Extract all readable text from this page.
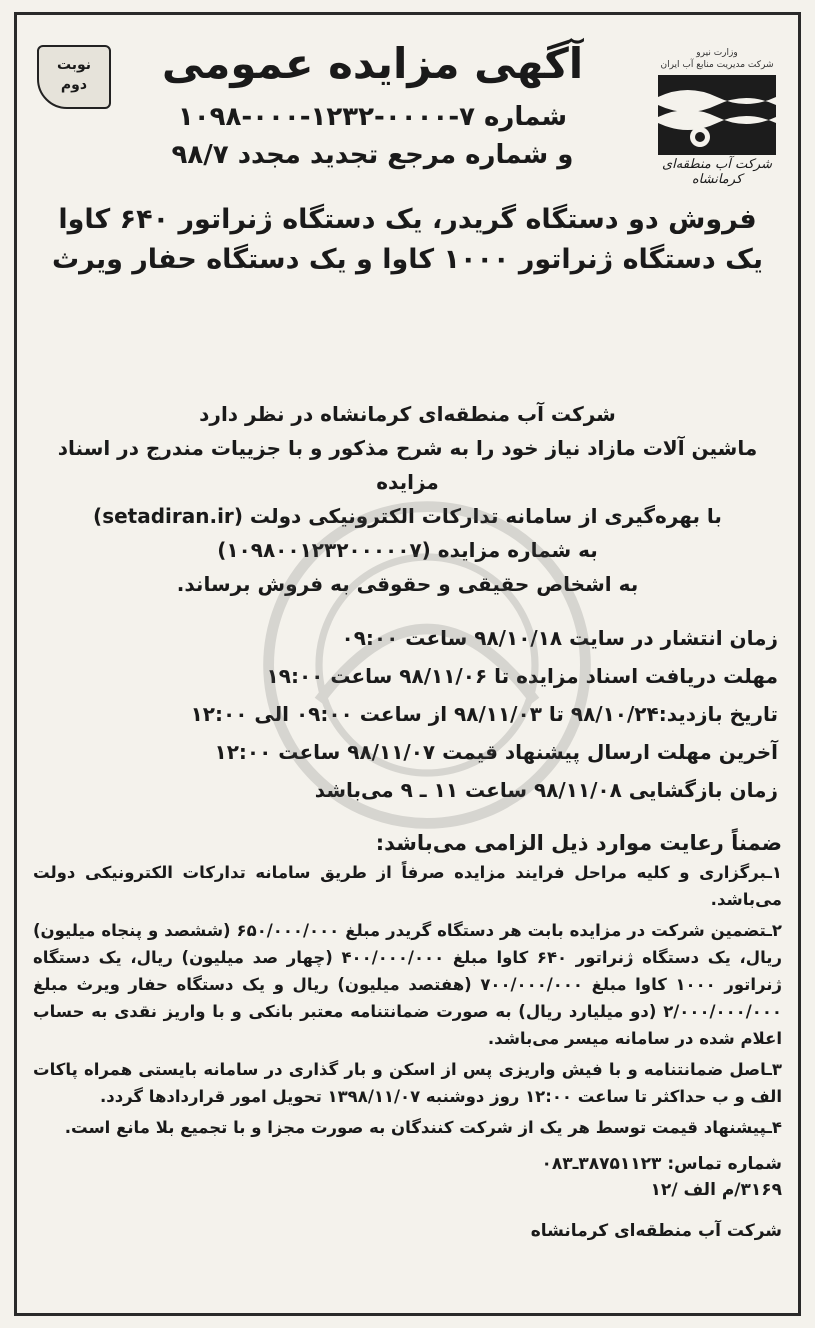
نوبت
دوم
وزارت نیرو
شرکت مدیریت منابع آب ایران
شرکت آب منطقه‌ای کرمانشاه
آگهی مزایده عمومی
شماره ۷-۰۰۰۰-۱۲۳۲-۰۰۰-۱۰۹۸
و شماره مرجع تجدید مجدد ۹۸/۷
فروش دو دستگاه گریدر، یک دستگاه ژنراتور ۶۴۰ کاوا
یک دستگاه ژنراتور ۱۰۰۰ کاوا و یک دستگاه حفار ویرث
شرکت آب منطقه‌ای کرمانشاه در نظر دارد
ماشین آلات مازاد نیاز خود را به شرح مذکور و با جزییات مندرج در اسناد مزایده
با بهره‌گیری از سامانه تدارکات الکترونیکی دولت (setadiran.ir)
به شماره مزایده (۱۰۹۸۰۰۱۲۳۲۰۰۰۰۰۷)
به اشخاص حقیقی و حقوقی به فروش برساند.
زمان انتشار در سایت ۹۸/۱۰/۱۸ ساعت ۰۹:۰۰
مهلت دریافت اسناد مزایده تا ۹۸/۱۱/۰۶ ساعت ۱۹:۰۰
تاریخ بازدید:۹۸/۱۰/۲۴ تا ۹۸/۱۱/۰۳ از ساعت ۰۹:۰۰ الی ۱۲:۰۰
آخرین مهلت ارسال پیشنهاد قیمت ۹۸/۱۱/۰۷ ساعت ۱۲:۰۰
زمان بازگشایی ۹۸/۱۱/۰۸ ساعت ۱۱ ـ ۹ می‌باشد
ضمناً رعایت موارد ذیل الزامی می‌باشد:
۱ـبرگزاری و کلیه مراحل فرایند مزایده صرفاً از طریق سامانه تدارکات الکترونیکی دولت می‌باشد.
۲ـتضمین شرکت در مزایده بابت هر دستگاه گریدر مبلغ ۶۵۰/۰۰۰/۰۰۰ (ششصد و پنجاه میلیون) ریال، یک دستگاه ژنراتور ۶۴۰ کاوا مبلغ ۴۰۰/۰۰۰/۰۰۰ (چهار صد میلیون) ریال، یک دستگاه ژنراتور ۱۰۰۰ کاوا مبلغ ۷۰۰/۰۰۰/۰۰۰ (هفتصد میلیون) ریال و یک دستگاه حفار ویرث مبلغ ۲/۰۰۰/۰۰۰/۰۰۰ (دو میلیارد ریال) به صورت ضمانتنامه معتبر بانکی و با واریز نقدی به حساب اعلام شده در سامانه میسر می‌باشد.
۳ـاصل ضمانتنامه و با فیش واریزی پس از اسکن و بار گذاری در سامانه بایستی همراه پاکات الف و ب حداکثر تا ساعت ۱۲:۰۰ روز دوشنبه ۱۳۹۸/۱۱/۰۷ تحویل امور قراردادها گردد.
۴ـپیشنهاد قیمت توسط هر یک از شرکت کنندگان به صورت مجزا و با تجمیع بلا مانع است.
شماره تماس: ۳۸۷۵۱۱۲۳ـ۰۸۳
۳۱۶۹/م الف /۱۲
شرکت آب منطقه‌ای کرمانشاه
